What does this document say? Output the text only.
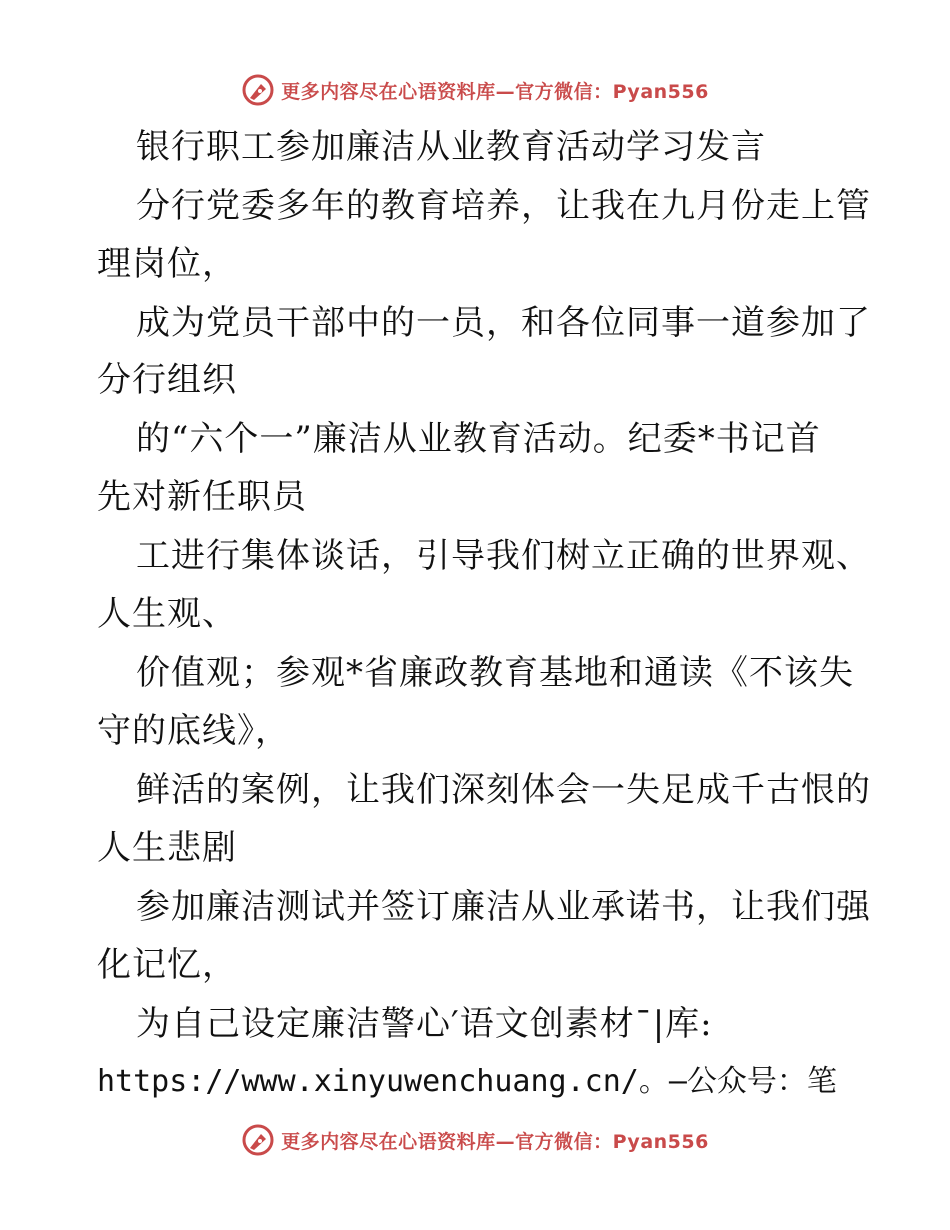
更多内容尽在心语资料库—官方微信：Pyan556
银行职工参加廉洁从业教育活动学习发言
分行党委多年的教育培养，让我在九月份走上管
理岗位，
成为党员干部中的一员，和各位同事一道参加了
分行组织
的“六个一”廉洁从业教育活动。纪委*书记首
先对新任职员
工进行集体谈话，引导我们树立正确的世界观、
人生观、
价值观；参观*省廉政教育基地和通读《不该失
守的底线》，
鲜活的案例，让我们深刻体会一失足成千古恨的
人生悲剧
参加廉洁测试并签订廉洁从业承诺书，让我们强
化记忆，
为自己设定廉洁警心′语文创素材¯|库:
https://www.xinyuwenchuang.cn/。—公众号：笔
更多内容尽在心语资料库—官方微信：Pyan556
